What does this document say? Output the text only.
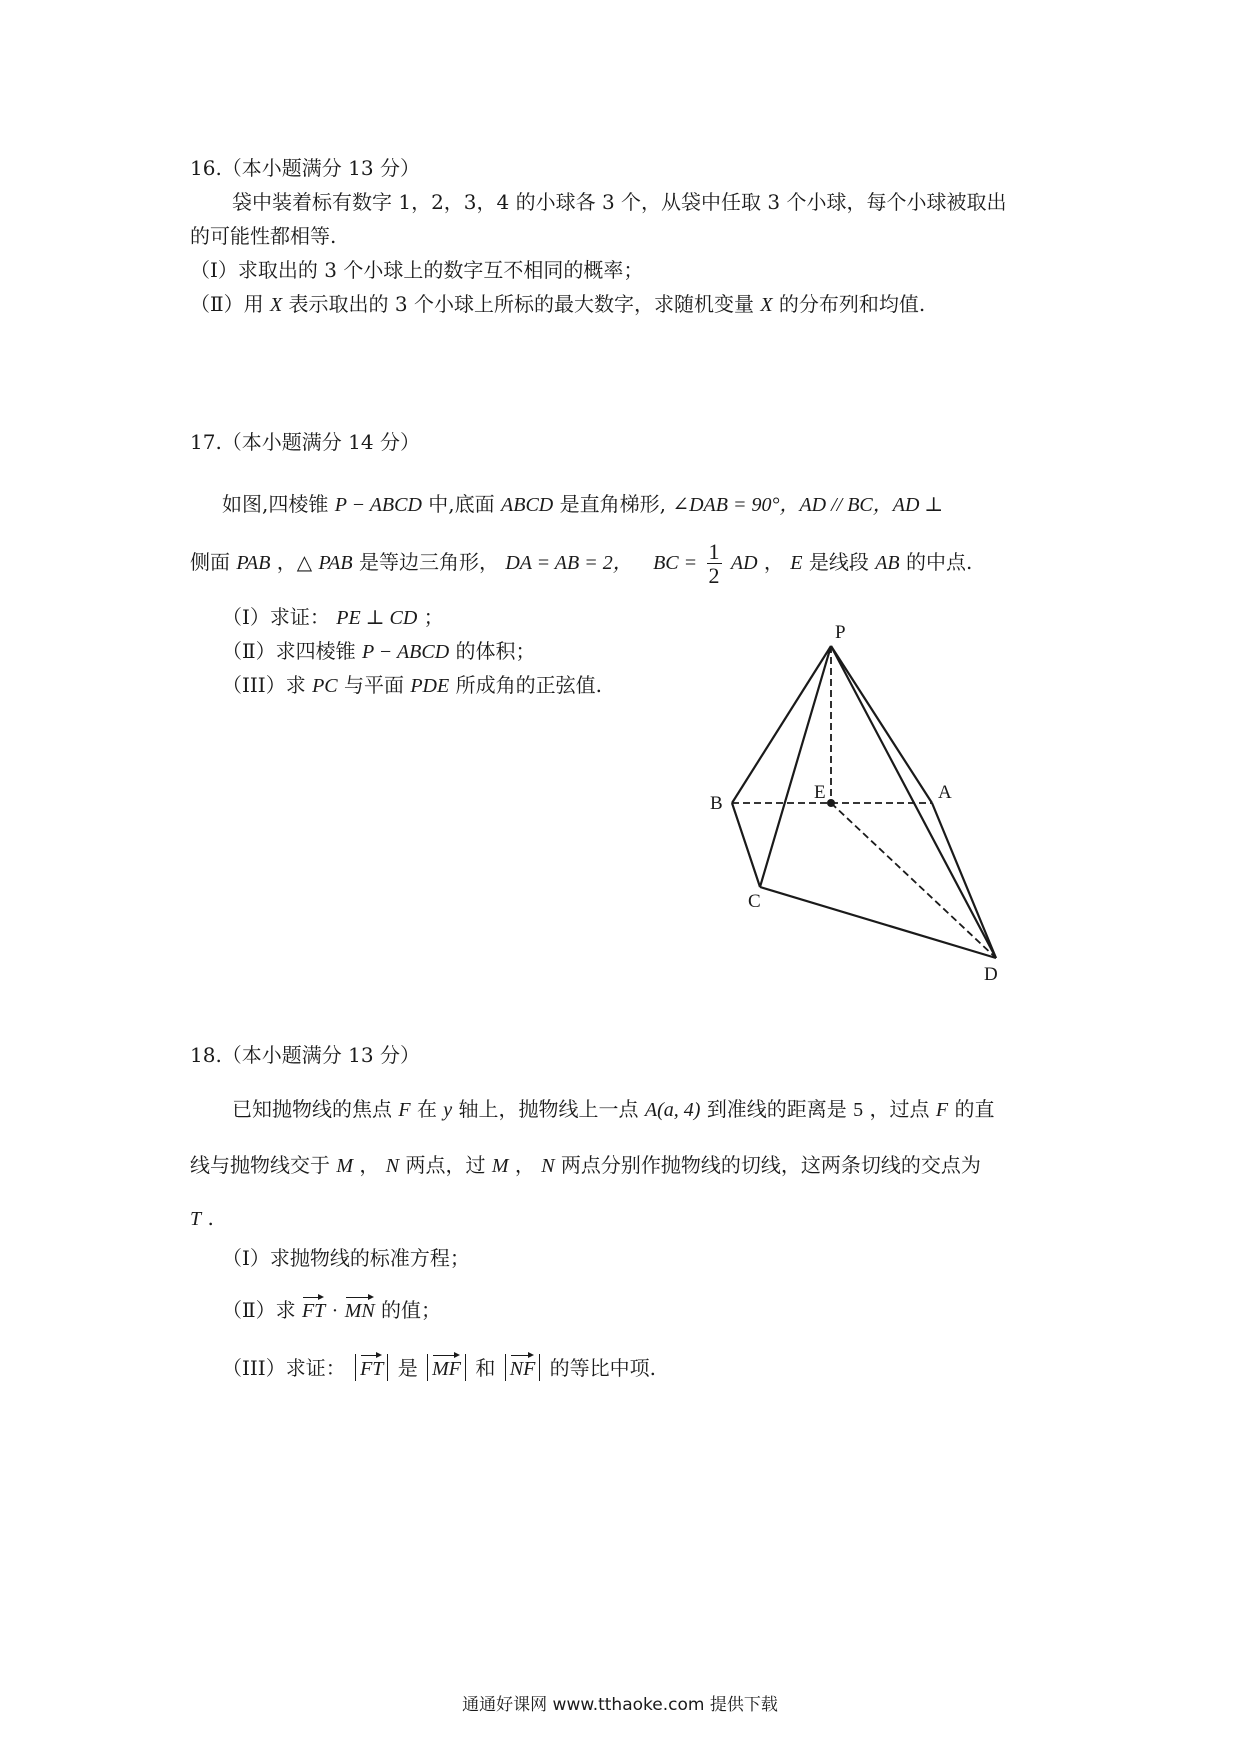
16.（本小题满分 13 分）
袋中装着标有数字 1，2，3，4 的小球各 3 个，从袋中任取 3 个小球，每个小球被取出
的可能性都相等.
（Ⅰ）求取出的 3 个小球上的数字互不相同的概率；
（Ⅱ）用 X 表示取出的 3 个小球上所标的最大数字，求随机变量 X 的分布列和均值.
17.（本小题满分 14 分）
如图,四棱锥 P − ABCD 中,底面 ABCD 是直角梯形, ∠DAB = 90°，AD // BC，AD ⊥
侧面 PAB ，△ PAB 是等边三角形， DA = AB = 2， BC = $\frac{1}{2}$ AD ， E 是线段 AB 的中点.
（Ⅰ）求证： PE ⊥ CD ；
（Ⅱ）求四棱锥 P − ABCD 的体积；
（III）求 PC 与平面 PDE 所成角的正弦值.
P
E	A
B
C
D
18.（本小题满分 13 分）
已知抛物线的焦点 F 在 y 轴上，抛物线上一点 A(a, 4) 到准线的距离是 5 ，过点 F 的直
线与抛物线交于 M ， N 两点，过 M ， N 两点分别作抛物线的切线，这两条切线的交点为
T .
（Ⅰ）求抛物线的标准方程；
（Ⅱ）求 FT · MN 的值；
（III）求证： FT 是 MF 和 NF 的等比中项.
通通好课网 www.tthaoke.com 提供下载
